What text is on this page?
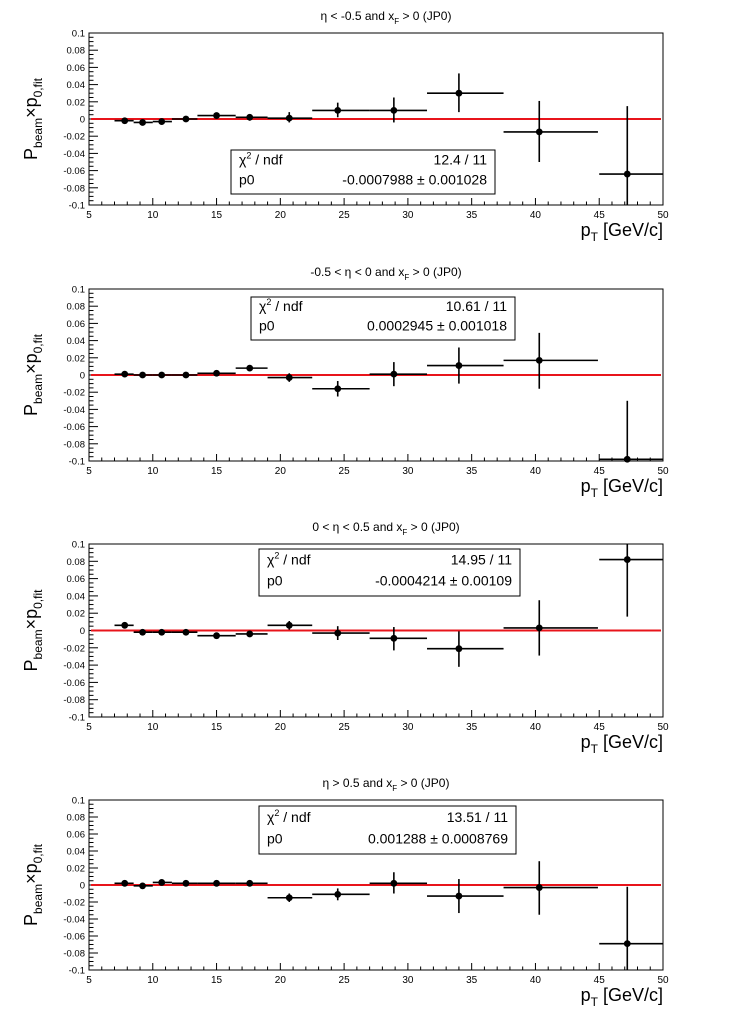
η < -0.5 and $x_F > 0$ (JP0)
5	10	15	20	25	30	35	40	45	50
0.1
0.08
0.06
0.04
0.02
0
-0.02
-0.04
-0.06
-0.08
-0.1
$p_T$ [GeV/c]
$P_{beam}\times p_{0,fit}$
$\chi^2$ / ndf	12.4 / 11
p0	-0.0007988 ± 0.001028
-0.5 < η < 0 and $x_F > 0$ (JP0)
5	10	15	20	25	30	35	40	45	50
0.1
0.08
0.06
0.04
0.02
0
-0.02
-0.04
-0.06
-0.08
-0.1
$p_T$ [GeV/c]
$P_{beam}\times p_{0,fit}$
$\chi^2$ / ndf	10.61 / 11
p0	0.0002945 ± 0.001018
0 < η < 0.5 and $x_F > 0$ (JP0)
5	10	15	20	25	30	35	40	45	50
0.1
0.08
0.06
0.04
0.02
0
-0.02
-0.04
-0.06
-0.08
-0.1
$p_T$ [GeV/c]
$P_{beam}\times p_{0,fit}$
$\chi^2$ / ndf	14.95 / 11
p0	-0.0004214 ± 0.00109
η > 0.5 and $x_F > 0$ (JP0)
5	10	15	20	25	30	35	40	45	50
0.1
0.08
0.06
0.04
0.02
0
-0.02
-0.04
-0.06
-0.08
-0.1
$p_T$ [GeV/c]
$P_{beam}\times p_{0,fit}$
$\chi^2$ / ndf	13.51 / 11
p0	0.001288 ± 0.0008769
